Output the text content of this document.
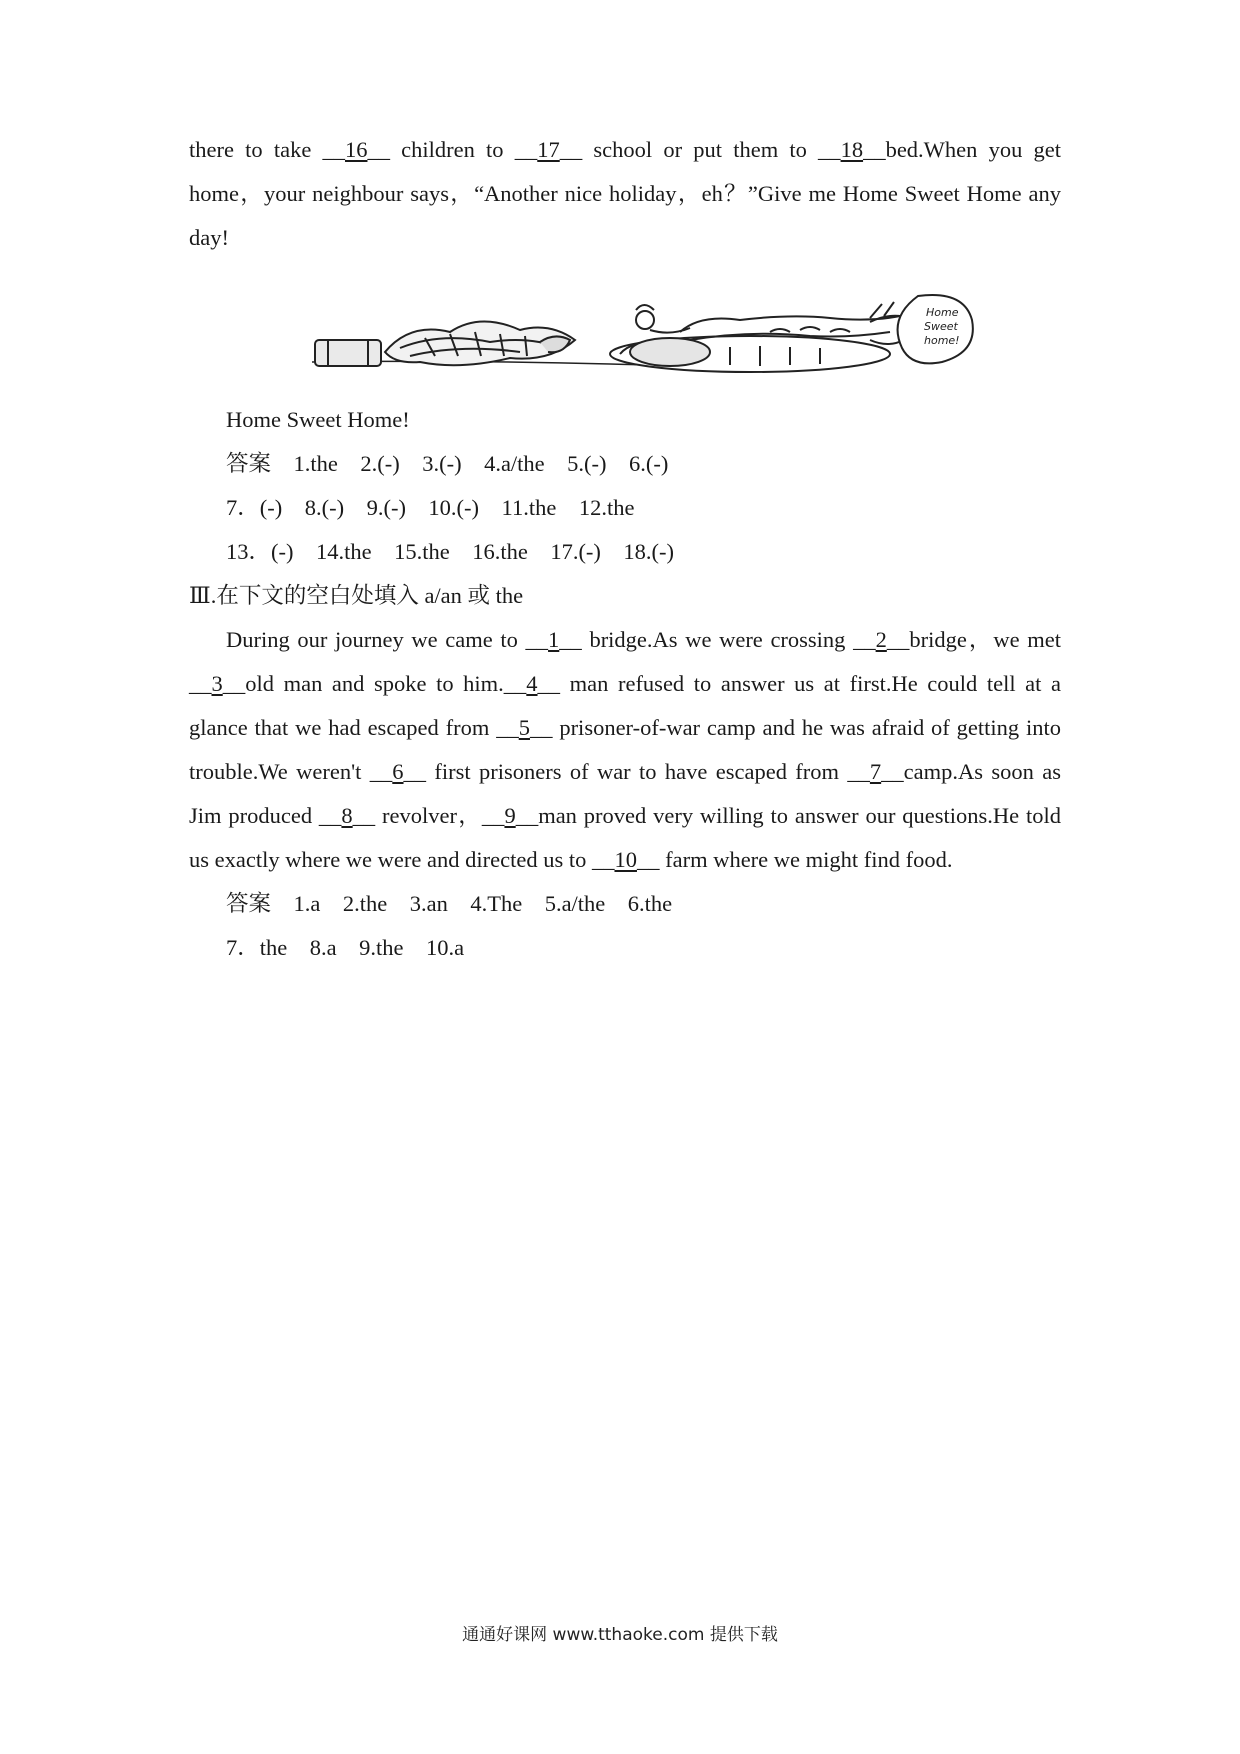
there to take __16__ children to __17__ school or put them to __18__bed.When you get home，your neighbour says，“Another nice holiday，eh？”Give me Home Sweet Home any day!

Home
Sweet
home!

Home Sweet Home!

答案　1.the　2.(-)　3.(-)　4.a/the　5.(-)　6.(-)

7．(-)　8.(-)　9.(-)　10.(-)　11.the　12.the

13．(-)　14.the　15.the　16.the　17.(-)　18.(-)

Ⅲ.在下文的空白处填入 a/an 或 the

During our journey we came to __1__ bridge.As we were crossing __2__bridge，we met __3__old man and spoke to him.__4__ man refused to answer us at first.He could tell at a glance that we had escaped from __5__ prisoner-of-war camp and he was afraid of getting into trouble.We weren't __6__ first prisoners of war to have escaped from __7__camp.As soon as Jim produced __8__ revolver，__9__man proved very willing to answer our questions.He told us exactly where we were and directed us to __10__ farm where we might find food.

答案　1.a　2.the　3.an　4.The　5.a/the　6.the

7．the　8.a　9.the　10.a

通通好课网 www.tthaoke.com 提供下载
